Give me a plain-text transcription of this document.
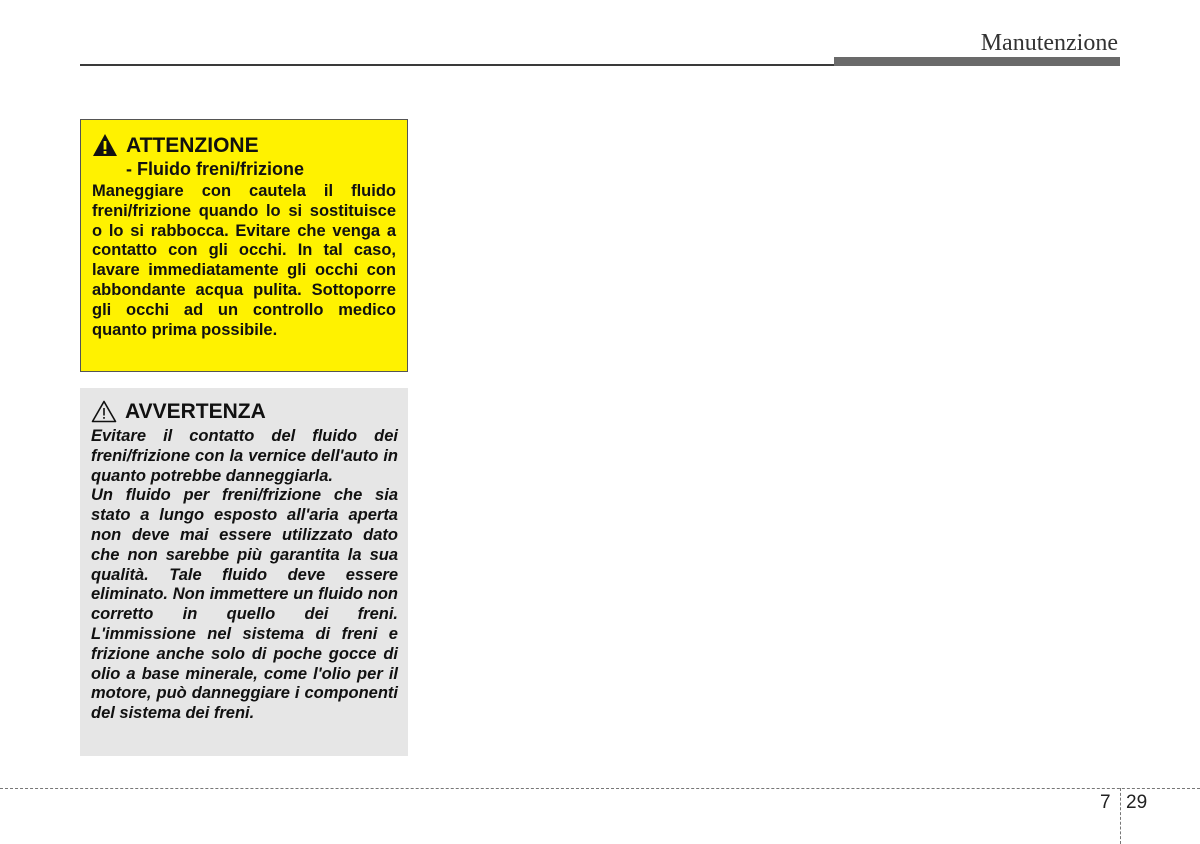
Manutenzione
ATTENZIONE
- Fluido freni/frizione

Maneggiare con cautela il fluido freni/frizione quando lo si sostituisce o lo si rabbocca. Evitare che venga a contatto con gli occhi. In tal caso, lavare immediatamente gli occhi con abbondante acqua pulita. Sottoporre gli occhi ad un controllo medico quanto prima possibile.

AVVERTENZA

Evitare il contatto del fluido dei freni/frizione con la vernice dell'auto in quanto potrebbe danneggiarla.

Un fluido per freni/frizione che sia stato a lungo esposto all'aria aperta non deve mai essere utilizzato dato che non sarebbe più garantita la sua qualità. Tale fluido deve essere eliminato. Non immettere un fluido non corretto in quello dei freni. L'immissione nel sistema di freni e frizione anche solo di poche gocce di olio a base minerale, come l'olio per il motore, può danneggiare i componenti del sistema dei freni.

7 29
